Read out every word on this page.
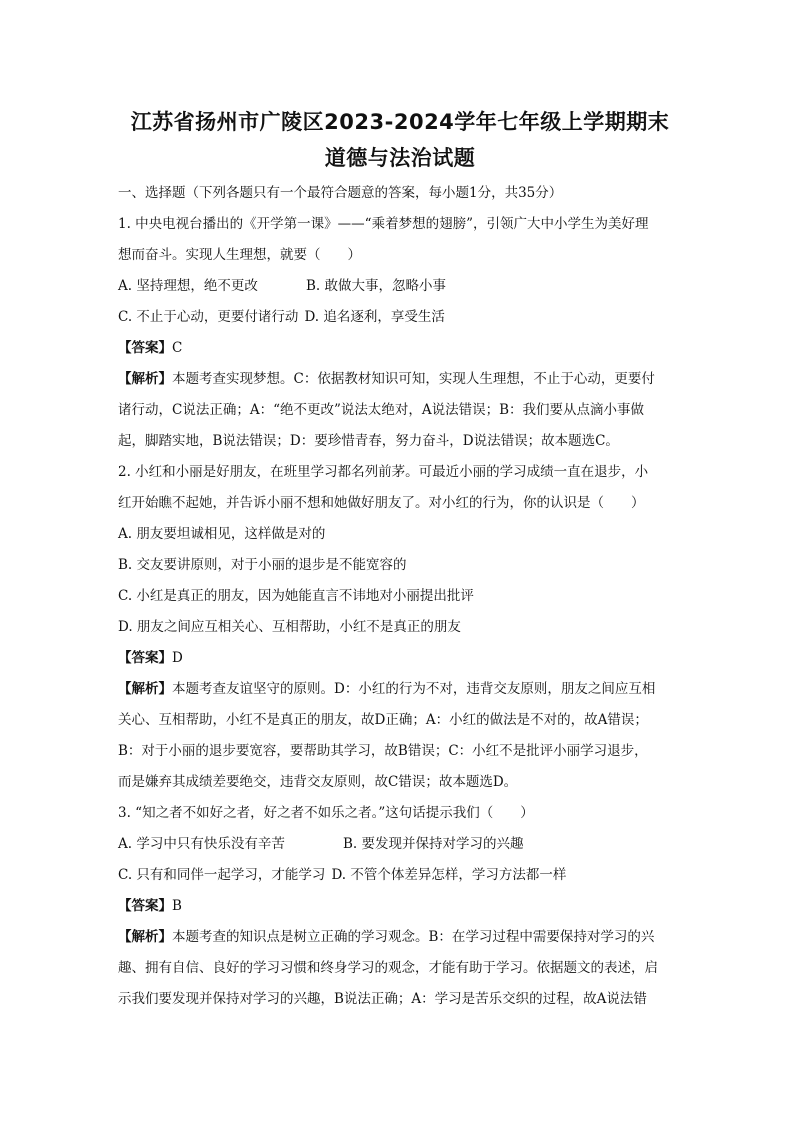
江苏省扬州市广陵区2023-2024学年七年级上学期期末
道德与法治试题

一、选择题（下列各题只有一个最符合题意的答案，每小题1分，共35分）

1. 中央电视台播出的《开学第一课》——“乘着梦想的翅膀”，引领广大中小学生为美好理

想而奋斗。实现人生理想，就要（　　）

A. 坚持理想，绝不更改	B. 敢做大事，忽略小事
C. 不止于心动，更要付诸行动 D. 追名逐利，享受生活

【答案】C

【解析】本题考查实现梦想。C：依据教材知识可知，实现人生理想，不止于心动，更要付

诸行动，C说法正确；A：“绝不更改”说法太绝对，A说法错误；B：我们要从点滴小事做

起，脚踏实地，B说法错误；D：要珍惜青春，努力奋斗，D说法错误；故本题选C。

2. 小红和小丽是好朋友，在班里学习都名列前茅。可最近小丽的学习成绩一直在退步，小

红开始瞧不起她，并告诉小丽不想和她做好朋友了。对小红的行为，你的认识是（　　）

A. 朋友要坦诚相见，这样做是对的

B. 交友要讲原则，对于小丽的退步是不能宽容的

C. 小红是真正的朋友，因为她能直言不讳地对小丽提出批评

D. 朋友之间应互相关心、互相帮助，小红不是真正的朋友

【答案】D

【解析】本题考查友谊坚守的原则。D：小红的行为不对，违背交友原则，朋友之间应互相

关心、互相帮助，小红不是真正的朋友，故D正确；A：小红的做法是不对的，故A错误；

B：对于小丽的退步要宽容，要帮助其学习，故B错误；C：小红不是批评小丽学习退步，

而是嫌弃其成绩差要绝交，违背交友原则，故C错误；故本题选D。

3. “知之者不如好之者，好之者不如乐之者。”这句话提示我们（　　）

A. 学习中只有快乐没有辛苦	B. 要发现并保持对学习的兴趣
C. 只有和同伴一起学习，才能学习 D. 不管个体差异怎样，学习方法都一样

【答案】B

【解析】本题考查的知识点是树立正确的学习观念。B：在学习过程中需要保持对学习的兴

趣、拥有自信、良好的学习习惯和终身学习的观念，才能有助于学习。依据题文的表述，启

示我们要发现并保持对学习的兴趣，B说法正确；A：学习是苦乐交织的过程，故A说法错
